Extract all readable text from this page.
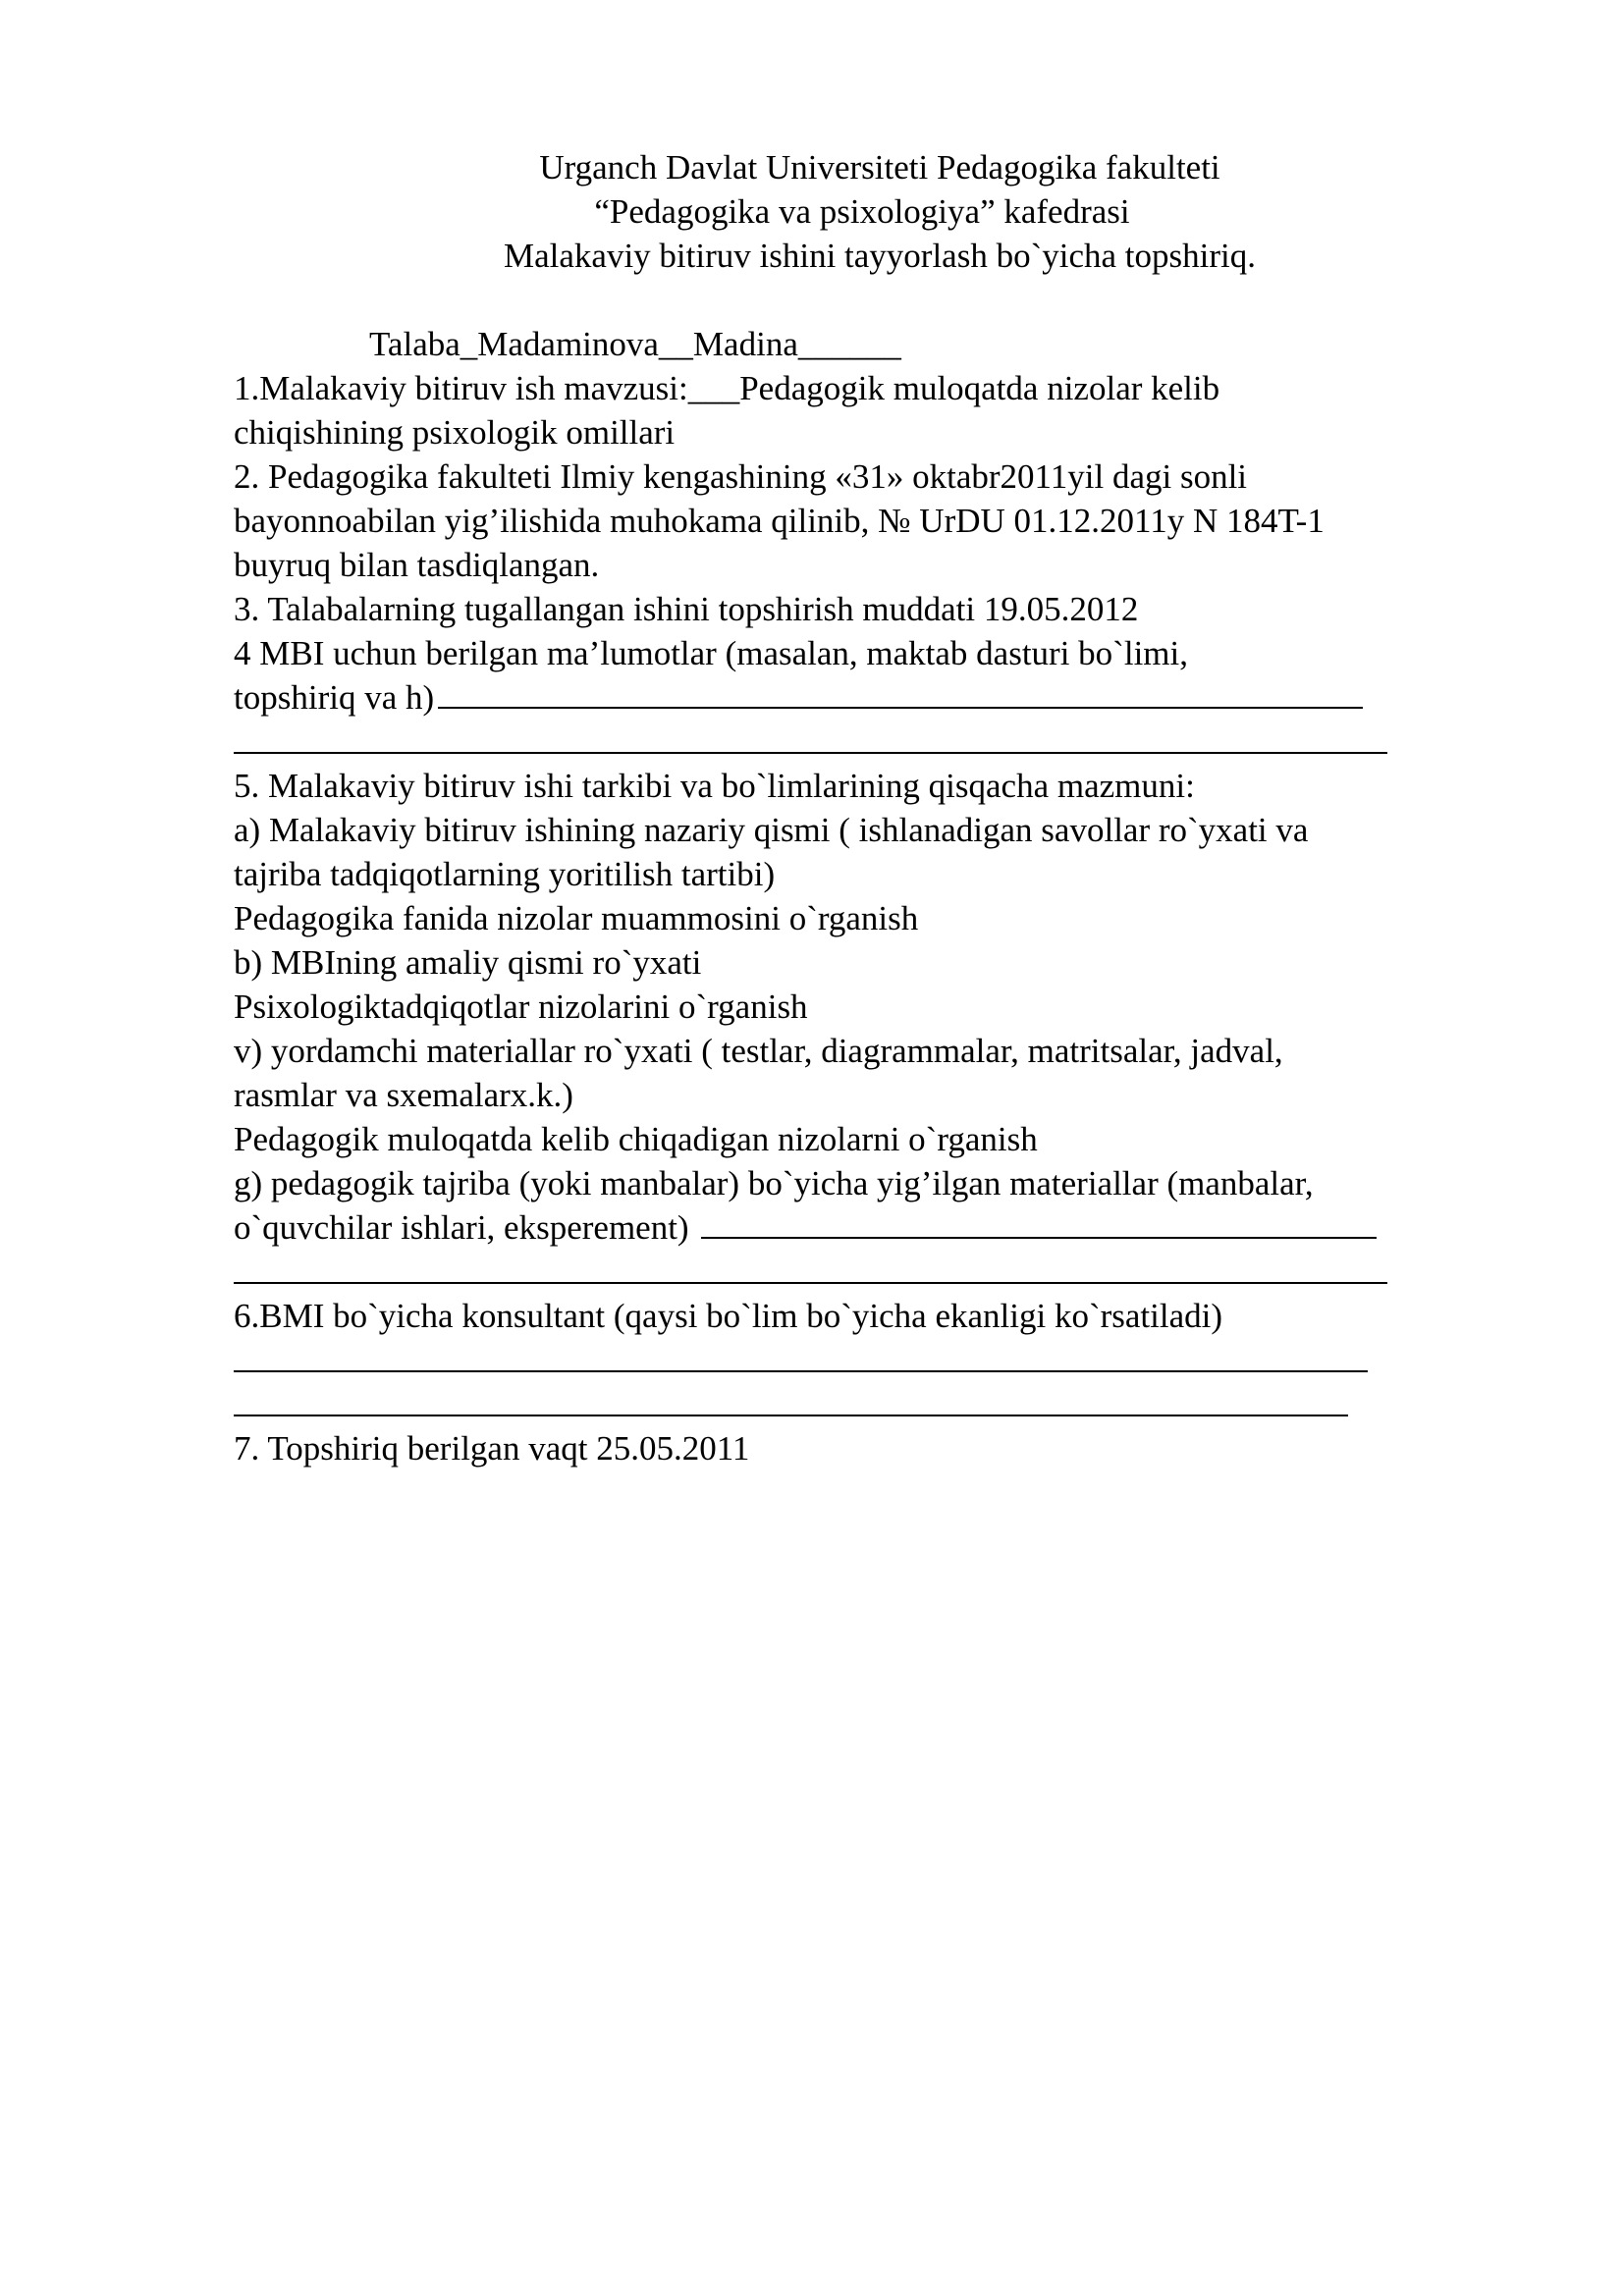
Urganch Davlat Universiteti Pedagogika fakulteti
“Pedagogika va psixologiya” kafedrasi
Malakaviy bitiruv ishini tayyorlash bo`yicha topshiriq.
Talaba_Madaminova__Madina______
1.Malakaviy bitiruv ish mavzusi:___Pedagogik muloqatda nizolar kelib
chiqishining psixologik omillari
2. Pedagogika fakulteti Ilmiy kengashining «31» oktabr2011yil dagi sonli
bayonnoabilan yig’ilishida muhokama qilinib, № UrDU 01.12.2011y N 184T-1
buyruq bilan tasdiqlangan.
3. Talabalarning tugallangan ishini topshirish muddati 19.05.2012
4 MBI uchun berilgan ma’lumotlar (masalan, maktab dasturi bo`limi,
topshiriq va h)
5. Malakaviy bitiruv ishi tarkibi va bo`limlarining qisqacha mazmuni:
a) Malakaviy bitiruv ishining nazariy qismi ( ishlanadigan savollar ro`yxati va
tajriba tadqiqotlarning yoritilish tartibi)
Pedagogika fanida nizolar muammosini o`rganish
b) MBIning amaliy qismi ro`yxati
Psixologiktadqiqotlar nizolarini o`rganish
v) yordamchi materiallar ro`yxati ( testlar, diagrammalar, matritsalar, jadval,
rasmlar va sxemalarx.k.)
Pedagogik muloqatda kelib chiqadigan nizolarni o`rganish
g) pedagogik tajriba (yoki manbalar) bo`yicha yig’ilgan materiallar (manbalar,
o`quvchilar ishlari, eksperement)
6.BMI bo`yicha konsultant (qaysi bo`lim bo`yicha ekanligi ko`rsatiladi)
7. Topshiriq berilgan vaqt 25.05.2011
